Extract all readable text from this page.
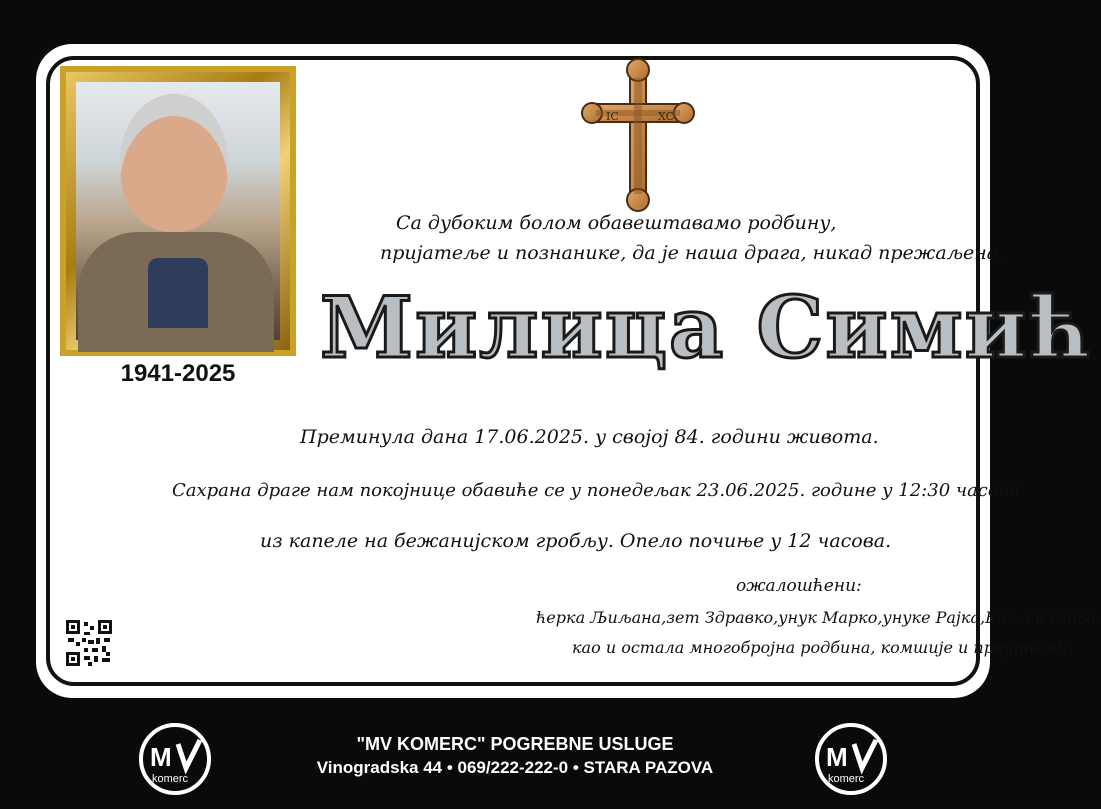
1941-2025
IC	XC
Са дубоким болом обавештавамо родбину,
пријатеље и познанике, да је наша драга, никад прежаљена,
Милица Симић
Преминула дана 17.06.2025. у својој 84. години живота.
Сахрана драге нам покојнице обавиће се у понедељак 23.06.2025. године у 12:30 часова
из капеле на бежанијском гробљу. Опело почиње у 12 часова.
ожалошћени:
ћерка Љиљана,зет Здравко,унук Марко,унуке Рајка,Ваља и Сања,
као и остала многобројна родбина, комшије и пријатељи.
M
komerc
M
komerc
"MV KOMERC" POGREBNE USLUGE
Vinogradska 44 • 069/222-222-0 • STARA PAZOVA
